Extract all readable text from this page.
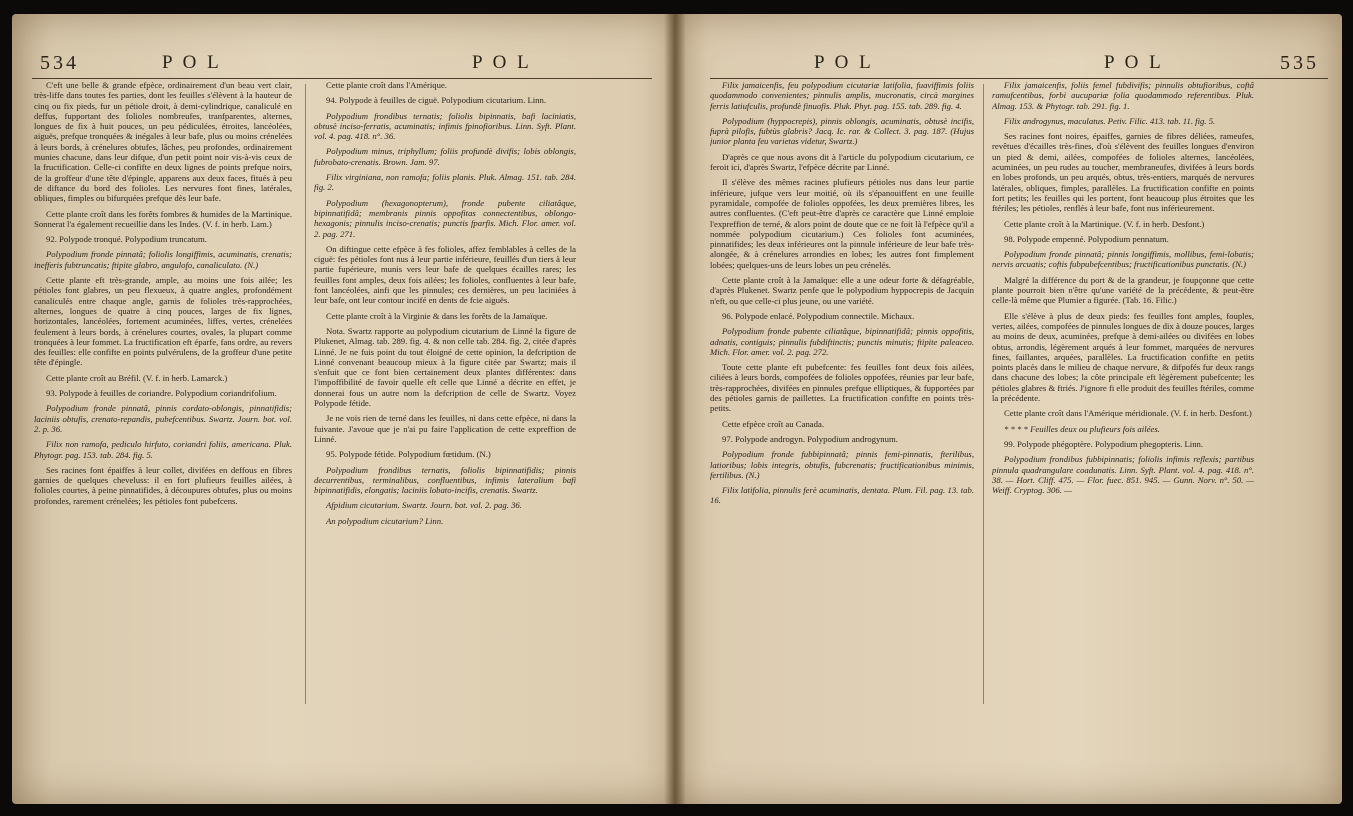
534	P O L	P O L

C'eft une belle & grande efpèce, ordinairement d'un beau vert clair, très-liffe dans toutes fes parties, dont les feuilles s'élèvent à la hauteur de cinq ou fix pieds, fur un pétiole droit, à demi-cylindrique, canaliculé en deffus, fupportant des folioles nombreufes, tranfparentes, alternes, longues de fix à huit pouces, un peu pédiculées, étroites, lancéolées, aiguës, prefque tronquées & inégales à leur bafe, plus ou moins crénelées à leurs bords, à crénelures obtufes, lâches, peu profondes, ordinairement munies chacune, dans leur difque, d'un petit point noir vis-à-vis ceux de la fructification. Celle-ci confifte en deux lignes de points prefque noirs, de la groffeur d'une tête d'épingle, apparens aux deux faces, fitués à peu de diftance du bord des folioles. Les nervures font fines, latérales, obliques, fimples ou bifurquées prefque dès leur bafe.

Cette plante croît dans les forêts fombres & humides de la Martinique. Sonnerat l'a également recueillie dans les Indes. (V. f. in herb. Lam.)

92. Polypode tronqué. Polypodium truncatum.

Polypodium fronde pinnatâ; foliolis longiffimis, acuminatis, crenatis; inefferis fubtruncatis; ftipite glabro, angulofo, canaliculato. (N.)

Cette plante eft très-grande, ample, au moins une fois ailée; les pétioles font glabres, un peu flexueux, à quatre angles, profondément canaliculés entre chaque angle, garnis de folioles très-rapprochées, alternes, longues de quatre à cinq pouces, larges de fix lignes, horizontales, lancéolées, fortement acuminées, liffes, vertes, crénelées feulement à leurs bords, à crénelures courtes, ovales, la plupart comme tronquées à leur fommet. La fructification eft éparfe, fans ordre, au revers des feuilles: elle confifte en points pulvérulens, de la groffeur d'une petite tête d'épingle.

Cette plante croît au Bréfil. (V. f. in herb. Lamarck.)

93. Polypode à feuilles de coriandre. Polypodium coriandrifolium.

Polypodium fronde pinnatâ, pinnis cordato-oblongis, pinnatifidis; laciniis obtufis, crenato-repandis, pubefcentibus. Swartz. Journ. bot. vol. 2. p. 36.

Filix non ramofa, pediculo hirfuto, coriandri foliis, americana. Pluk. Phytogr. pag. 153. tab. 284. fig. 5.

Ses racines font épaiffes à leur collet, divifées en deffous en fibres garnies de quelques cheveluss: il en fort plufieurs feuilles ailées, à folioles courtes, à peine pinnatifides, à découpures obtufes, plus ou moins profondes, rarement crénelées; les pétioles font pubefcens.

Cette plante croît dans l'Amérique.

94. Polypode à feuilles de ciguë. Polypodium cicutarium. Linn.

Polypodium frondibus ternatis; foliolis bipinnatis, bafi laciniatis, obtusè inciso-ferratis, acuminatis; infimis fpinofioribus. Linn. Syft. Plant. vol. 4. pag. 418. n°. 36.

Polypodium minus, triphyllum; foliis profundè divifis; lobis oblongis, fubrobato-crenatis. Brown. Jam. 97.

Filix virginiana, non ramofa; foliis planis. Pluk. Almag. 151. tab. 284. fig. 2.

Polypodium (hexagonopterum), fronde pubente ciliatâque, bipinnatifidâ; membranis pinnis oppofitas connectentibus, oblongo-hexagonis; pinnulis inciso-crenatis; punctis fparfis. Mich. Flor. amer. vol. 2. pag. 271.

On diftingue cette efpèce à fes folioles, affez femblables à celles de la ciguë: fes pétioles font nus à leur partie inférieure, feuillés d'un tiers à leur partie fupérieure, munis vers leur bafe de quelques écailles rares; les feuilles font amples, deux fois ailées; les folioles, confluentes à leur bafe, font lancéolées, ainfi que les pinnules; ces dernières, un peu laciniées à leur bafe, ont leur contour incifé en dents de fcie aiguës.

Cette plante croît à la Virginie & dans les forêts de la Jamaïque.

Nota. Swartz rapporte au polypodium cicutarium de Linné la figure de Plukenet, Almag. tab. 289. fig. 4. & non celle tab. 284. fig. 2, citée d'après Linné. Je ne fuis point du tout éloigné de cette opinion, la defcription de Linné convenant beaucoup mieux à la figure citée par Swartz; mais il s'enfuit que ce font bien certainement deux plantes différentes: dans l'impoffibilité de favoir quelle eft celle que Linné a décrite en effet, je donnerai fous un autre nom la defcription de celle de Swartz. Voyez Polypode fétide.

Je ne vois rien de terné dans les feuilles, ni dans cette efpèce, ni dans la fuivante. J'avoue que je n'ai pu faire l'application de cette expreffion de Linné.

95. Polypode fétide. Polypodium fœtidum. (N.)

Polypodium frondibus ternatis, foliolis bipinnatifidis; pinnis decurrentibus, terminalibus, confluentibus, infimis lateralium bafi bipinnatifidis, elongatis; laciniis lobato-incifis, crenatis. Swartz.

Afpidium cicutarium. Swartz. Journ. bot. vol. 2. pag. 36.

An polypodium cicutarium? Linn.

P O L	P O L	535

Filix jamaicenfis, feu polypodium cicutariæ latifolia, fuaviffimis foliis quodammodo convenientes; pinnulis amplis, mucronatis, circà margines ferris latiufculis, profundè finuofis. Pluk. Phyt. pag. 155. tab. 289. fig. 4.

Polypodium (hyppocrepis), pinnis oblongis, acuminatis, obtusè incifis, fuprà pilofis, fubtùs glabris? Jacq. Ic. rar. & Collect. 3. pag. 187. (Hujus junior planta feu varietas videtur, Swartz.)

D'après ce que nous avons dit à l'article du polypodium cicutarium, ce feroit ici, d'après Swartz, l'efpèce décrite par Linné.

Il s'élève des mêmes racines plufieurs pétioles nus dans leur partie inférieure, jufque vers leur moitié, où ils s'épanouiffent en une feuille pyramidale, compofée de folioles oppofées, les deux premières libres, les autres confluentes. (C'eft peut-être d'après ce caractère que Linné emploie l'expreffion de terné, & alors point de doute que ce ne foit là l'efpèce qu'il a nommée polypodium cicutarium.) Ces folioles font acuminées, pinnatifides; les deux inférieures ont la pinnule inférieure de leur bafe très-alongée, & à crénelures arrondies en lobes; les autres font fimplement lobées; quelques-uns de leurs lobes un peu crénelés.

Cette plante croît à la Jamaïque: elle a une odeur forte & défagréable, d'après Plukenet. Swartz penfe que le polypodium hyppocrepis de Jacquin n'eft, ou que celle-ci plus jeune, ou une variété.

96. Polypode enlacé. Polypodium connectile. Michaux.

Polypodium fronde pubente ciliatâque, bipinnatifidâ; pinnis oppofitis, adnatis, contiguis; pinnulis fubdiftinctis; punctis minutis; ftipite paleaceo. Mich. Flor. amer. vol. 2. pag. 272.

Toute cette plante eft pubefcente: fes feuilles font deux fois ailées, ciliées à leurs bords, compofées de folioles oppofées, réunies par leur bafe, très-rapprochées, divifées en pinnules prefque elliptiques, & fupportées par des pétioles garnis de paillettes. La fructification confifte en points très-petits.

Cette efpèce croît au Canada.

97. Polypode androgyn. Polypodium androgynum.

Polypodium fronde fubbipinnatâ; pinnis femi-pinnatis, fterilibus, latioribus; lobis integris, obtufis, fubcrenatis; fructificationibus minimis, fertilibus. (N.)

Filix latifolia, pinnulis ferè acuminatis, dentata. Plum. Fil. pag. 13. tab. 16.

Filix jamaicenfis, foliis femel fubdivifis; pinnulis obtufioribus, coftâ ramufcentibus, forbi aucupariæ folia quodammodo referentibus. Pluk. Almag. 153. & Phytogr. tab. 291. fig. 1.

Filix androgynus, maculatus. Petiv. Filic. 413. tab. 11. fig. 5.

Ses racines font noires, épaiffes, garnies de fibres déliées, rameufes, revêtues d'écailles très-fines, d'où s'élèvent des feuilles longues d'environ un pied & demi, ailées, compofées de folioles alternes, lancéolées, acuminées, un peu rudes au toucher, membraneufes, divifées à leurs bords en lobes profonds, un peu arqués, obtus, très-entiers, marqués de nervures latérales, obliques, fimples, parallèles. La fructification confifte en points fort petits; les feuilles qui les portent, font beaucoup plus étroites que les ftériles; les pétioles, renflés à leur bafe, font nus inférieurement.

Cette plante croît à la Martinique. (V. f. in herb. Desfont.)

98. Polypode empenné. Polypodium pennatum.

Polypodium fronde pinnatâ; pinnis longiffimis, mollibus, femi-lobatis; nervis arcuatis; coftis fubpubefcentibus; fructificationibus punctatis. (N.)

Malgré la différence du port & de la grandeur, je foupçonne que cette plante pourroit bien n'être qu'une variété de la précédente, & peut-être celle-là même que Plumier a figurée. (Tab. 16. Filic.)

Elle s'élève à plus de deux pieds: fes feuilles font amples, fouples, vertes, ailées, compofées de pinnules longues de dix à douze pouces, larges au moins de deux, acuminées, prefque à demi-ailées ou divifées en lobes obtus, arrondis, légèrement arqués à leur fommet, marquées de nervures fines, faillantes, arquées, parallèles. La fructification confifte en petits points placés dans le milieu de chaque nervure, & difpofés fur deux rangs dans chacune des lobes; la côte principale eft légèrement pubefcente; les pétioles glabres & ftriés. J'ignore fi elle produit des feuilles ftériles, comme la précédente.

Cette plante croît dans l'Amérique méridionale. (V. f. in herb. Desfont.)

* * * * Feuilles deux ou plufieurs fois ailées.

99. Polypode phégoptère. Polypodium phegopteris. Linn.

Polypodium frondibus fubbipinnatis; foliolis infimis reflexis; partibus pinnula quadrangulare coadunatis. Linn. Syft. Plant. vol. 4. pag. 418. n°. 38. — Hort. Cliff. 475. — Flor. fuec. 851. 945. — Gunn. Norv. n°. 50. — Weiff. Cryptog. 306. —
